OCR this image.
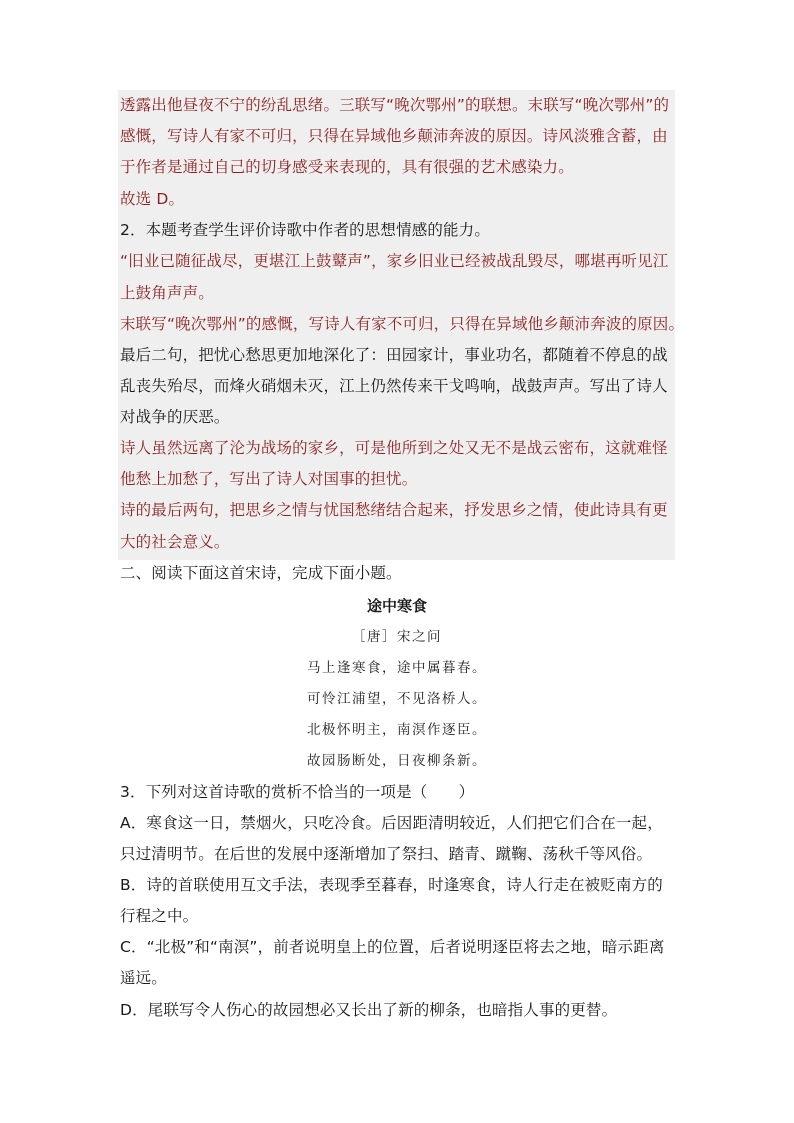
透露出他昼夜不宁的纷乱思绪。三联写“晚次鄂州”的联想。末联写“晚次鄂州”的
感慨，写诗人有家不可归，只得在异域他乡颠沛奔波的原因。诗风淡雅含蓄，由
于作者是通过自己的切身感受来表现的，具有很强的艺术感染力。
故选 D。
2．本题考查学生评价诗歌中作者的思想情感的能力。
“旧业已随征战尽，更堪江上鼓鼙声”，家乡旧业已经被战乱毁尽，哪堪再听见江
上鼓角声声。
末联写“晚次鄂州”的感慨，写诗人有家不可归，只得在异域他乡颠沛奔波的原因。
最后二句，把忧心愁思更加地深化了：田园家计，事业功名，都随着不停息的战
乱丧失殆尽，而烽火硝烟未灭，江上仍然传来干戈鸣响，战鼓声声。写出了诗人
对战争的厌恶。
诗人虽然远离了沦为战场的家乡，可是他所到之处又无不是战云密布，这就难怪
他愁上加愁了，写出了诗人对国事的担忧。
诗的最后两句，把思乡之情与忧国愁绪结合起来，抒发思乡之情，使此诗具有更
大的社会意义。
二、阅读下面这首宋诗，完成下面小题。
途中寒食
［唐］宋之问
马上逢寒食，途中属暮春。
可怜江浦望，不见洛桥人。
北极怀明主，南溟作逐臣。
故园肠断处，日夜柳条新。
3．下列对这首诗歌的赏析不恰当的一项是（　　）
A．寒食这一日，禁烟火，只吃冷食。后因距清明较近，人们把它们合在一起，
只过清明节。在后世的发展中逐渐增加了祭扫、踏青、蹴鞠、荡秋千等风俗。
B．诗的首联使用互文手法，表现季至暮春，时逢寒食，诗人行走在被贬南方的
行程之中。
C．“北极”和“南溟”，前者说明皇上的位置，后者说明逐臣将去之地，暗示距离
遥远。
D．尾联写令人伤心的故园想必又长出了新的柳条，也暗指人事的更替。
